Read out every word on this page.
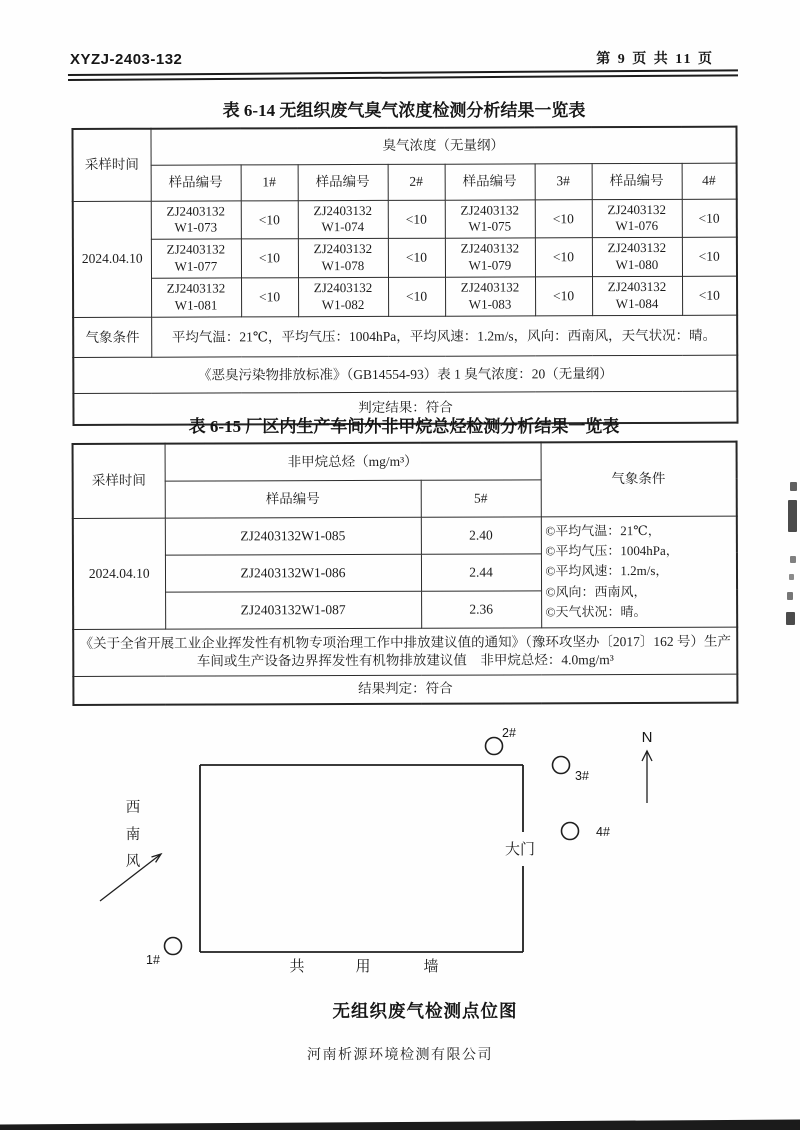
XYZJ-2403-132	第 9 页 共 11 页
表 6-14 无组织废气臭气浓度检测分析结果一览表
采样时间	臭气浓度（无量纲）							
	样品编号	1#	样品编号	2#	样品编号	3#	样品编号	4#
2024.04.10	ZJ2403132
W1-073	<10	ZJ2403132
W1-074	<10	ZJ2403132
W1-075	<10	ZJ2403132
W1-076	<10

	ZJ2403132
W1-077	<10	ZJ2403132
W1-078	<10	ZJ2403132
W1-079	<10	ZJ2403132
W1-080	<10

	ZJ2403132
W1-081	<10	ZJ2403132
W1-082	<10	ZJ2403132
W1-083	<10	ZJ2403132
W1-084	<10
气象条件	平均气温：21℃，平均气压：1004hPa，平均风速：1.2m/s，风向：西南风，天气状况：晴。							
《恶臭污染物排放标准》（GB14554-93）表 1 臭气浓度：20（无量纲）								
判定结果：符合								
表 6-15 厂区内生产车间外非甲烷总烃检测分析结果一览表
采样时间	非甲烷总烃（mg/m³）		气象条件
	样品编号	5#	
2024.04.10	ZJ2403132W1-085	2.40	©平均气温：21℃，
©平均气压：1004hPa，
©平均风速：1.2m/s，
©风向：西南风，
©天气状况：晴。

	ZJ2403132W1-086	2.44	
	ZJ2403132W1-087	2.36	
《关于全省开展工业企业挥发性有机物专项治理工作中排放建议值的通知》（豫环攻坚办〔2017〕162 号）生产车间或生产设备边界挥发性有机物排放建议值　非甲烷总烃：4.0mg/m³			
结果判定：符合			
大门
1#
2#
3#
4#
N
西
南
风
共	用	墙
无组织废气检测点位图
河南析源环境检测有限公司
